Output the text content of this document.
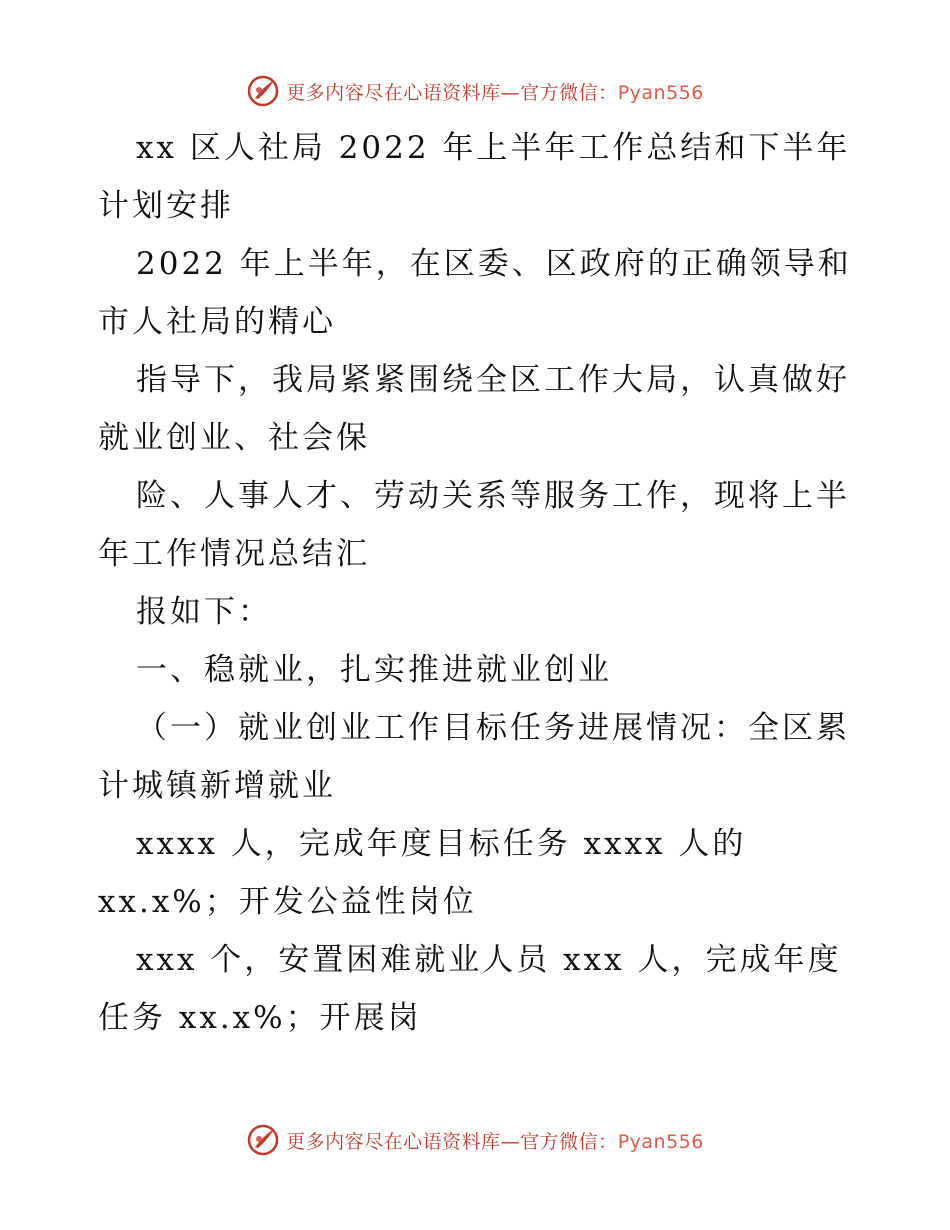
更多内容尽在心语资料库—官方微信：Pyan556
xx 区人社局 2022 年上半年工作总结和下半年
计划安排
2022 年上半年，在区委、区政府的正确领导和
市人社局的精心
指导下，我局紧紧围绕全区工作大局，认真做好
就业创业、社会保
险、人事人才、劳动关系等服务工作，现将上半
年工作情况总结汇
报如下：
一、稳就业，扎实推进就业创业
（一）就业创业工作目标任务进展情况：全区累
计城镇新增就业
xxxx 人，完成年度目标任务 xxxx 人的
xx.x%；开发公益性岗位
xxx 个，安置困难就业人员 xxx 人，完成年度
任务 xx.x%；开展岗
更多内容尽在心语资料库—官方微信：Pyan556
